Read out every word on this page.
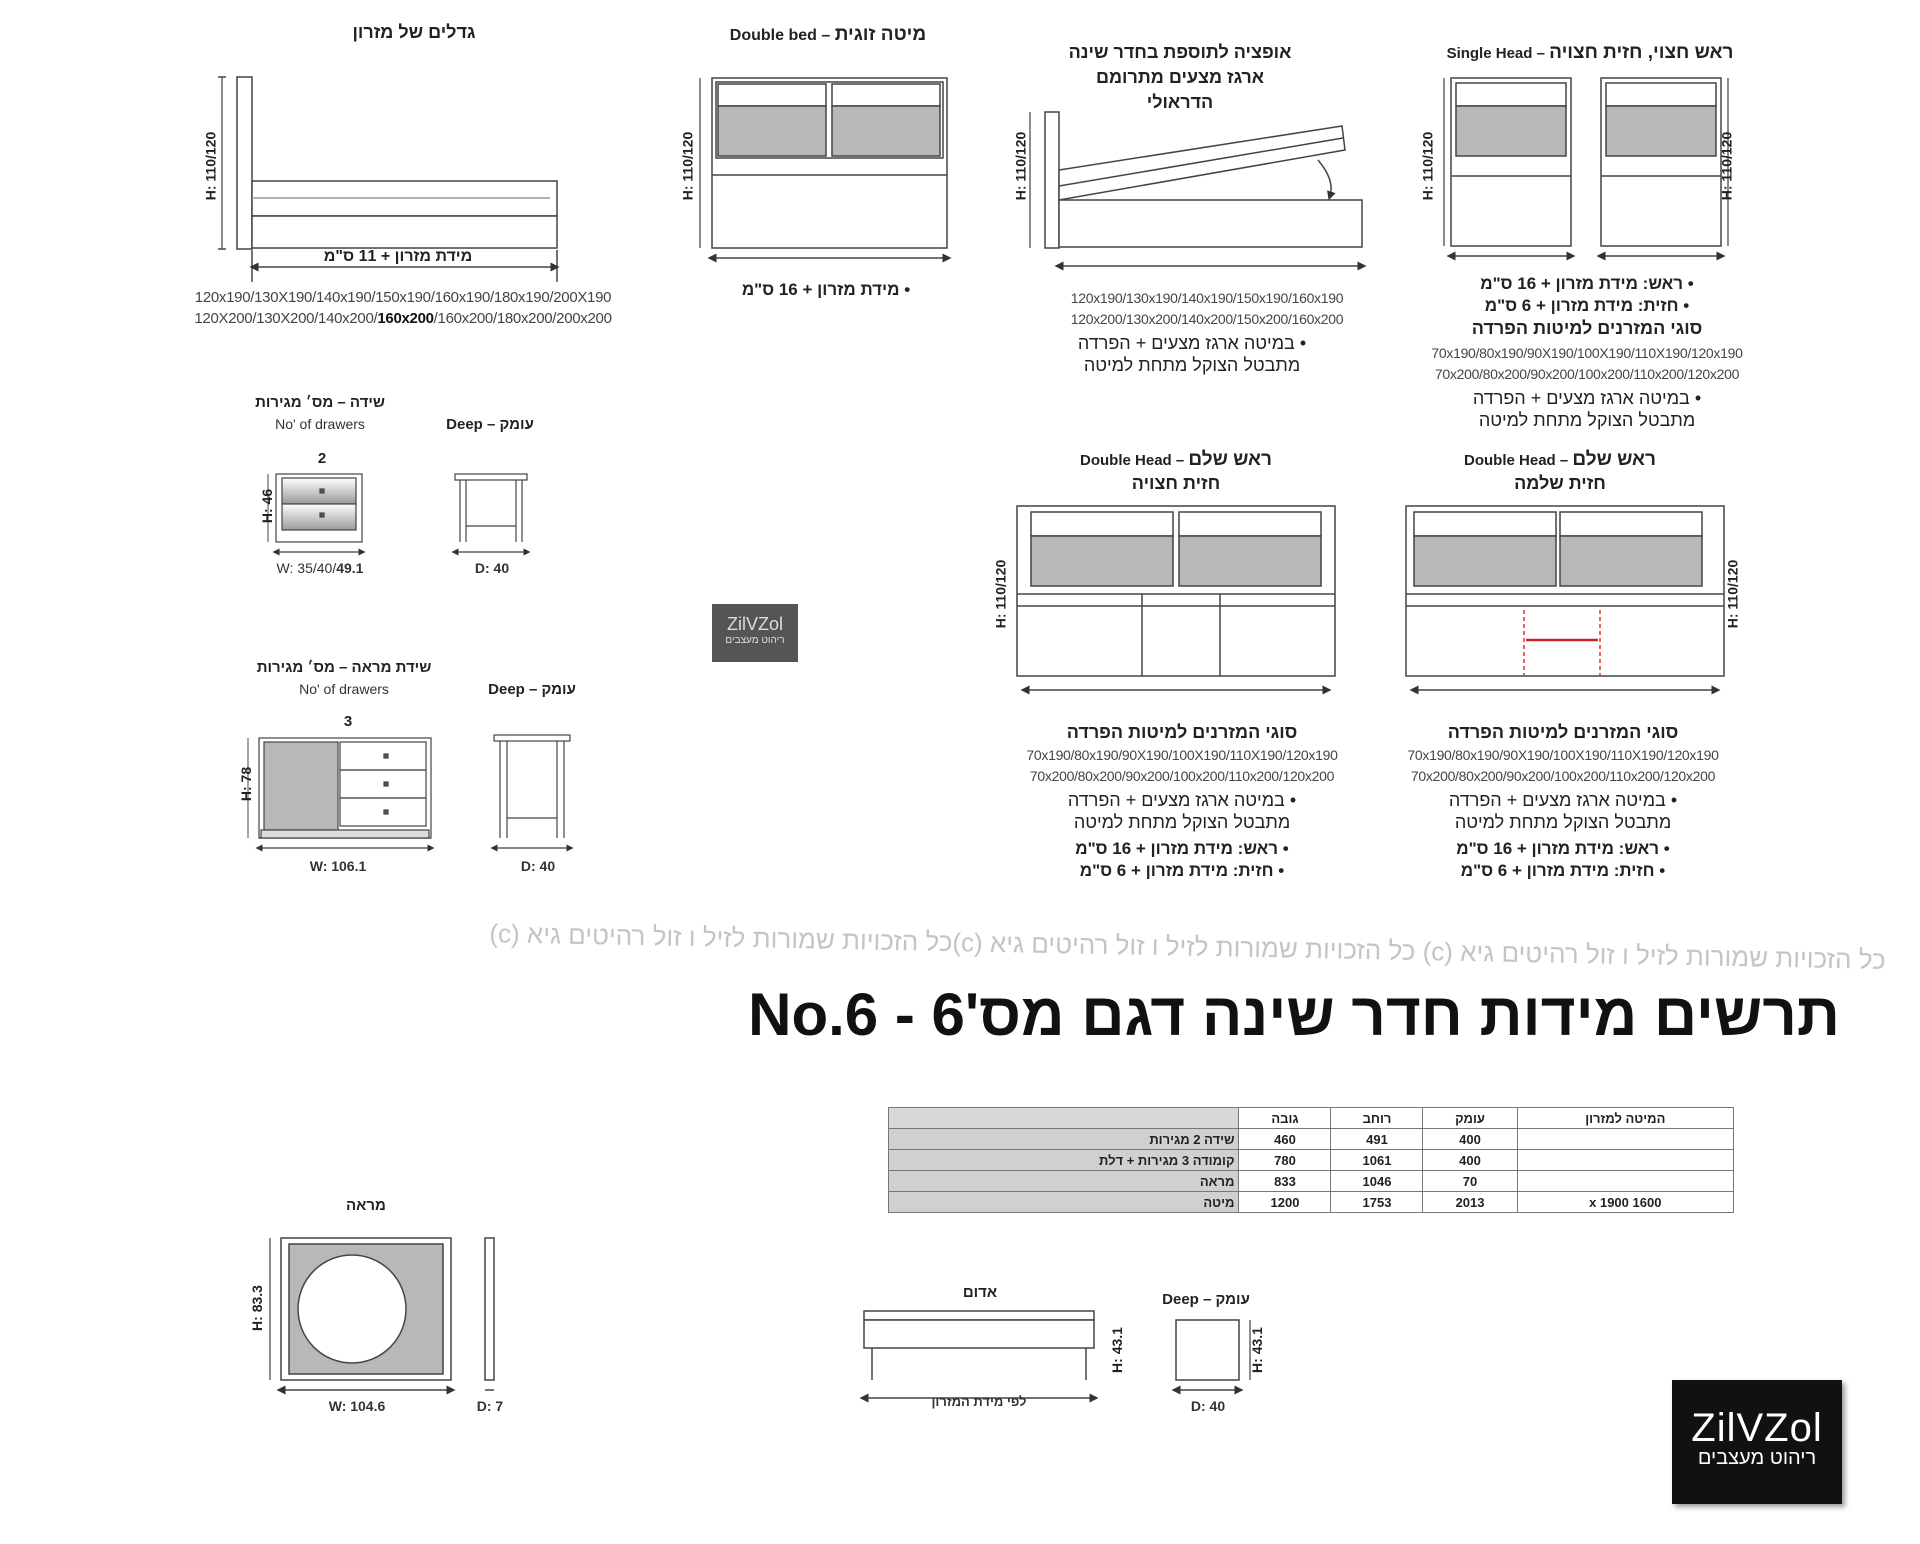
גדלים של מזרון
H: 110/120
מידת מזרון + 11 ס"מ
120x190/130X190/140x190/150x190/160x190/180x190/200X190
120X200/130X200/140x200/160x200/160x200/180x200/200x200
Double bed – מיטה זוגית
H: 110/120
• מידת מזרון + 16 ס"מ
אופציה לתוספת בחדר שינה
ארגז מצעים מתרומם
הדראולי
H: 110/120
120x190/130x190/140x190/150x190/160x190
120x200/130x200/140x200/150x200/160x200
• במיטה ארגז מצעים + הפרדה
מתבטל הצוקל מתחת למיטה
Single Head – ראש חצוי, חזית חצויה
H: 110/120	H: 110/120
• ראש: מידת מזרון + 16 ס"מ
• חזית: מידת מזרון + 6 ס"מ
סוגי המזרנים למיטות הפרדה
70x190/80x190/90X190/100X190/110X190/120x190
70x200/80x200/90x200/100x200/110x200/120x200
• במיטה ארגז מצעים + הפרדה
מתבטל הצוקל מתחת למיטה
שידה – מס׳ מגירות
No' of drawers	Deep – עומק
2
H: 46
W: 35/40/49.1	D: 40
שידת מראה – מס׳ מגירות
No' of drawers	Deep – עומק
3
H: 78
W: 106.1	D: 40
ZilVZol
ריהוט מעצבים
Double Head – ראש שלם
חזית חצויה
H: 110/120
סוגי המזרנים למיטות הפרדה
70x190/80x190/90X190/100X190/110X190/120x190
70x200/80x200/90x200/100x200/110x200/120x200
• במיטה ארגז מצעים + הפרדה
מתבטל הצוקל מתחת למיטה
• ראש: מידת מזרון + 16 ס"מ
• חזית: מידת מזרון + 6 ס"מ
Double Head – ראש שלם
חזית שלמה
H: 110/120
סוגי המזרנים למיטות הפרדה
70x190/80x190/90X190/100X190/110X190/120x190
70x200/80x200/90x200/100x200/110x200/120x200
• במיטה ארגז מצעים + הפרדה
מתבטל הצוקל מתחת למיטה
• ראש: מידת מזרון + 16 ס"מ
• חזית: מידת מזרון + 6 ס"מ
כל הזכויות שמורות לזיל ו זול רהיטים גיא (c) כל הזכויות שמורות לזיל ו זול רהיטים גיא (c)כל הזכויות שמורות לזיל ו זול רהיטים גיא (c)
תרשים מידות חדר שינה דגם מס'6 - No.6
	גובה	רוחב	עומק	המיטה למזרון
שידה 2 מגירות	460	491	400	
קומודה 3 מגירות + דלת	780	1061	400	
מראה	833	1046	70	
מיטה	1200	1753	2013	1600 x 1900
מראה
H: 83.3
W: 104.6	D: 7
אדום
H: 43.1
לפי מידת המזרון
Deep – עומק
H: 43.1
D: 40	ZilVZol
ריהוט מעצבים
